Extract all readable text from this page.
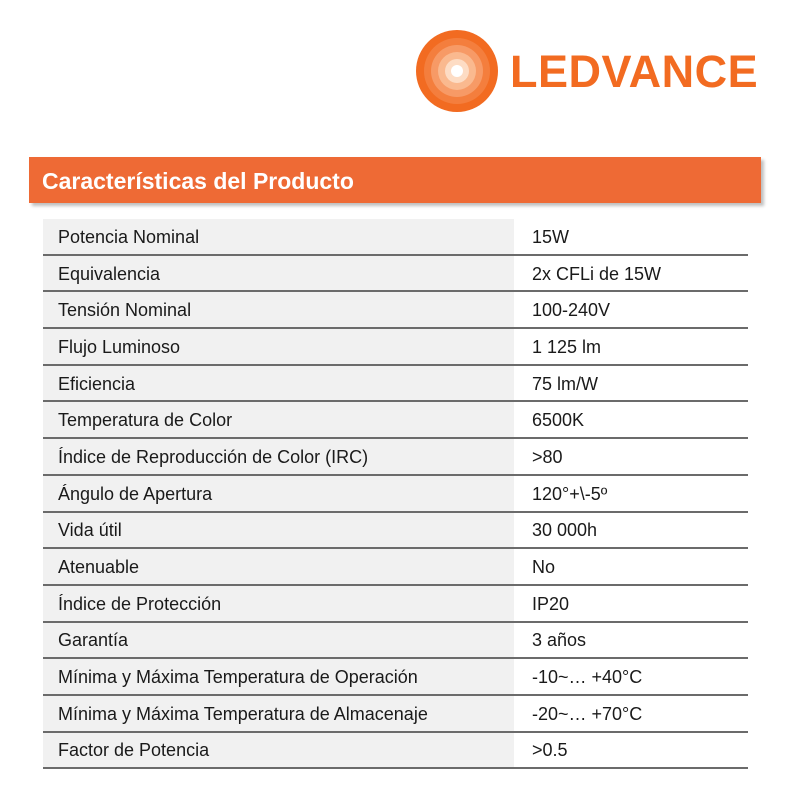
LEDVANCE
Características del Producto
Potencia Nominal	15W
Equivalencia	2x CFLi de 15W
Tensión Nominal	100-240V
Flujo Luminoso	1 125 lm
Eficiencia	75 lm/W
Temperatura de Color	6500K
Índice de Reproducción de Color (IRC)	>80
Ángulo de Apertura	120°+\-5º
Vida útil	30 000h
Atenuable	No
Índice de Protección	IP20
Garantía	3 años
Mínima y Máxima Temperatura de Operación	-10~… +40°C
Mínima y Máxima Temperatura de Almacenaje	-20~… +70°C
Factor de Potencia	>0.5
